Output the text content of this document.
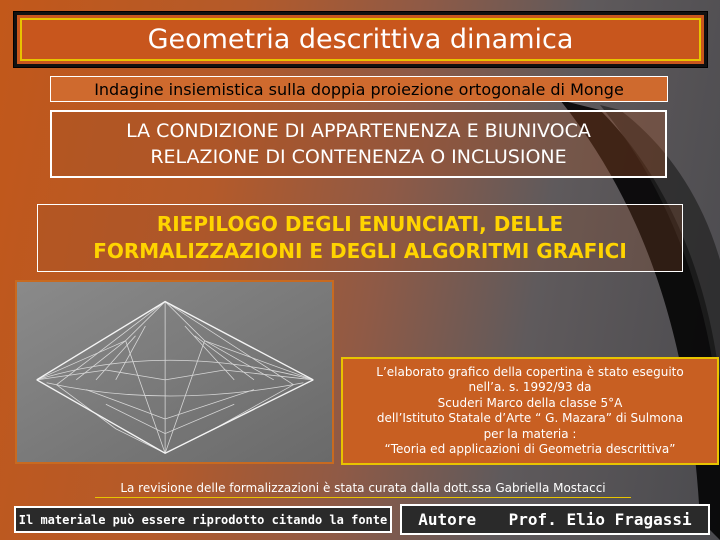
Geometria descrittiva dinamica
Indagine insiemistica sulla doppia proiezione ortogonale di Monge
LA CONDIZIONE DI APPARTENENZA E BIUNIVOCA
RELAZIONE DI CONTENENZA O INCLUSIONE
RIEPILOGO DEGLI ENUNCIATI, DELLE
FORMALIZZAZIONI E DEGLI ALGORITMI GRAFICI
L’elaborato grafico della copertina è stato eseguito
nell’a. s. 1992/93 da
Scuderi Marco della classe 5°A
dell’Istituto Statale d’Arte “ G. Mazara” di Sulmona
per la materia :
“Teoria ed applicazioni di Geometria descrittiva”
La revisione delle formalizzazioni è stata curata dalla dott.ssa Gabriella Mostacci
Il materiale può essere riprodotto citando la fonte Autore Prof. Elio Fragassi
